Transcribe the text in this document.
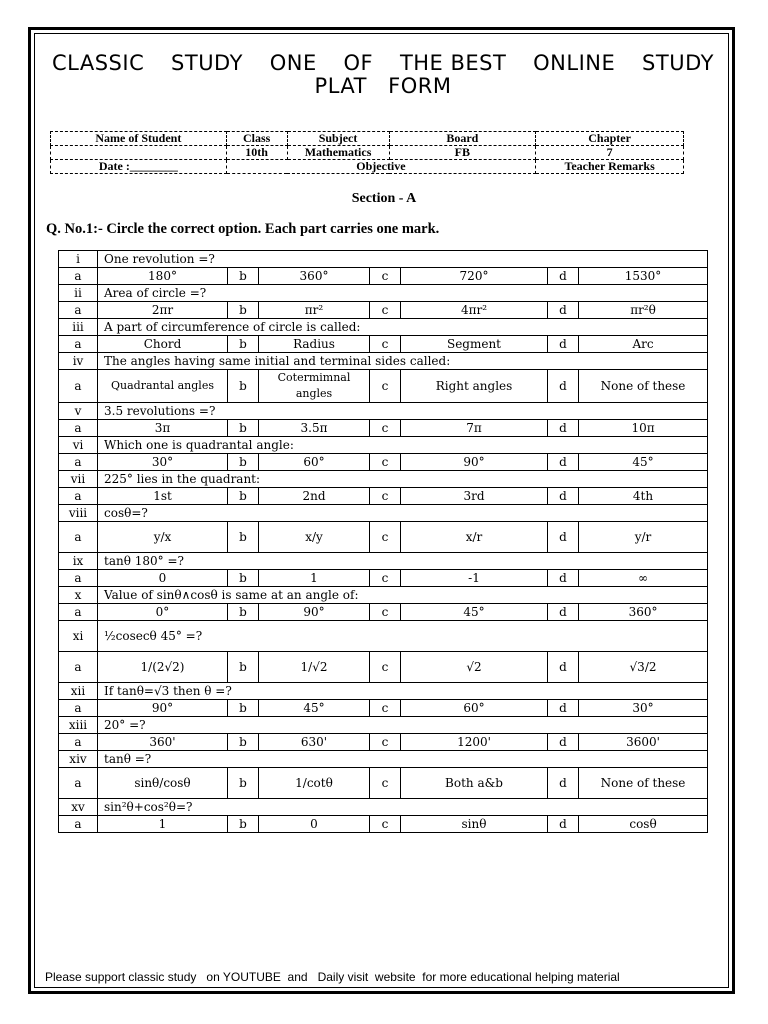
CLASSIC STUDY ONE OF THE BEST ONLINE STUDY
PLAT FORM
Name of Student	Class	Subject	Board	Chapter
	10th	Mathematics	FB	7
Date :________	Objective			Teacher Remarks
Section - A
Q. No.1:- Circle the correct option. Each part carries one mark.
i	One revolution =?						
a	180°	b	360°	c	720°	d	1530°
ii	Area of circle =?						
a	2πr	b	πr²	c	4πr²	d	πr²θ
iii	A part of circumference of circle is called:						
a	Chord	b	Radius	c	Segment	d	Arc
iv	The angles having same initial and terminal sides called:						
a	Quadrantal angles	b	Cotermimnal angles	c	Right angles	d	None of these
v	3.5 revolutions =?						
a	3π	b	3.5π	c	7π	d	10π
vi	Which one is quadrantal angle:						
a	30°	b	60°	c	90°	d	45°
vii	225° lies in the quadrant:						
a	1st	b	2nd	c	3rd	d	4th
viii	cosθ=?						
a	y/x	b	x/y	c	x/r	d	y/r
ix	tanθ 180° =?						
a	0	b	1	c	-1	d	∞
x	Value of sinθ∧cosθ is same at an angle of:						
a	0°	b	90°	c	45°	d	360°
xi	½cosecθ 45° =?						
a	1/(2√2)	b	1/√2	c	√2	d	√3/2
xii	If tanθ=√3 then θ =?						
a	90°	b	45°	c	60°	d	30°
xiii	20° =?						
a	360'	b	630'	c	1200'	d	3600'
xiv	tanθ =?						
a	sinθ/cosθ	b	1/cotθ	c	Both a&b	d	None of these
xv	sin²θ+cos²θ=?						
a	1	b	0	c	sinθ	d	cosθ
Please support classic study   on YOUTUBE  and   Daily visit  website  for more educational helping material
